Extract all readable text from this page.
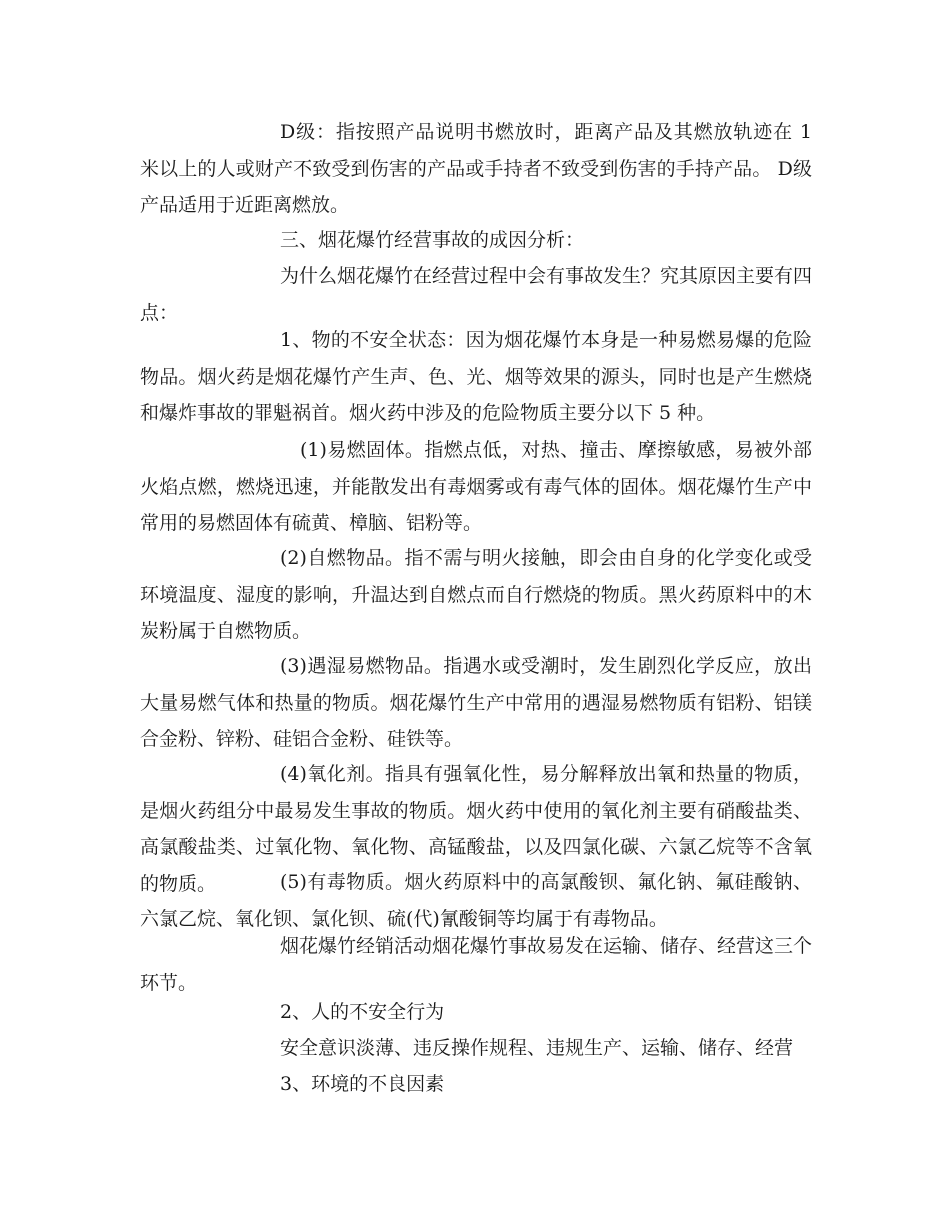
D级：指按照产品说明书燃放时，距离产品及其燃放轨迹在 1 米以上的人或财产不致受到伤害的产品或手持者不致受到伤害的手持产品。 D级产品适用于近距离燃放。

三、烟花爆竹经营事故的成因分析：

为什么烟花爆竹在经营过程中会有事故发生？究其原因主要有四点：

1、物的不安全状态：因为烟花爆竹本身是一种易燃易爆的危险物品。烟火药是烟花爆竹产生声、色、光、烟等效果的源头，同时也是产生燃烧和爆炸事故的罪魁祸首。烟火药中涉及的危险物质主要分以下 5 种。

(1)易燃固体。指燃点低，对热、撞击、摩擦敏感，易被外部火焰点燃，燃烧迅速，并能散发出有毒烟雾或有毒气体的固体。烟花爆竹生产中常用的易燃固体有硫黄、樟脑、铝粉等。

(2)自燃物品。指不需与明火接触，即会由自身的化学变化或受环境温度、湿度的影响，升温达到自燃点而自行燃烧的物质。黑火药原料中的木炭粉属于自燃物质。

(3)遇湿易燃物品。指遇水或受潮时，发生剧烈化学反应，放出大量易燃气体和热量的物质。烟花爆竹生产中常用的遇湿易燃物质有铝粉、铝镁合金粉、锌粉、硅铝合金粉、硅铁等。

(4)氧化剂。指具有强氧化性，易分解释放出氧和热量的物质，是烟火药组分中最易发生事故的物质。烟火药中使用的氧化剂主要有硝酸盐类、高氯酸盐类、过氧化物、氧化物、高锰酸盐，以及四氯化碳、六氯乙烷等不含氧的物质。	(5)有毒物质。烟火药原料中的高氯酸钡、氟化钠、氟硅酸钠、六氯乙烷、氧化钡、氯化钡、硫(代)氰酸铜等均属于有毒物品。

烟花爆竹经销活动烟花爆竹事故易发在运输、储存、经营这三个环节。

2、人的不安全行为

安全意识淡薄、违反操作规程、违规生产、运输、储存、经营

3、环境的不良因素
